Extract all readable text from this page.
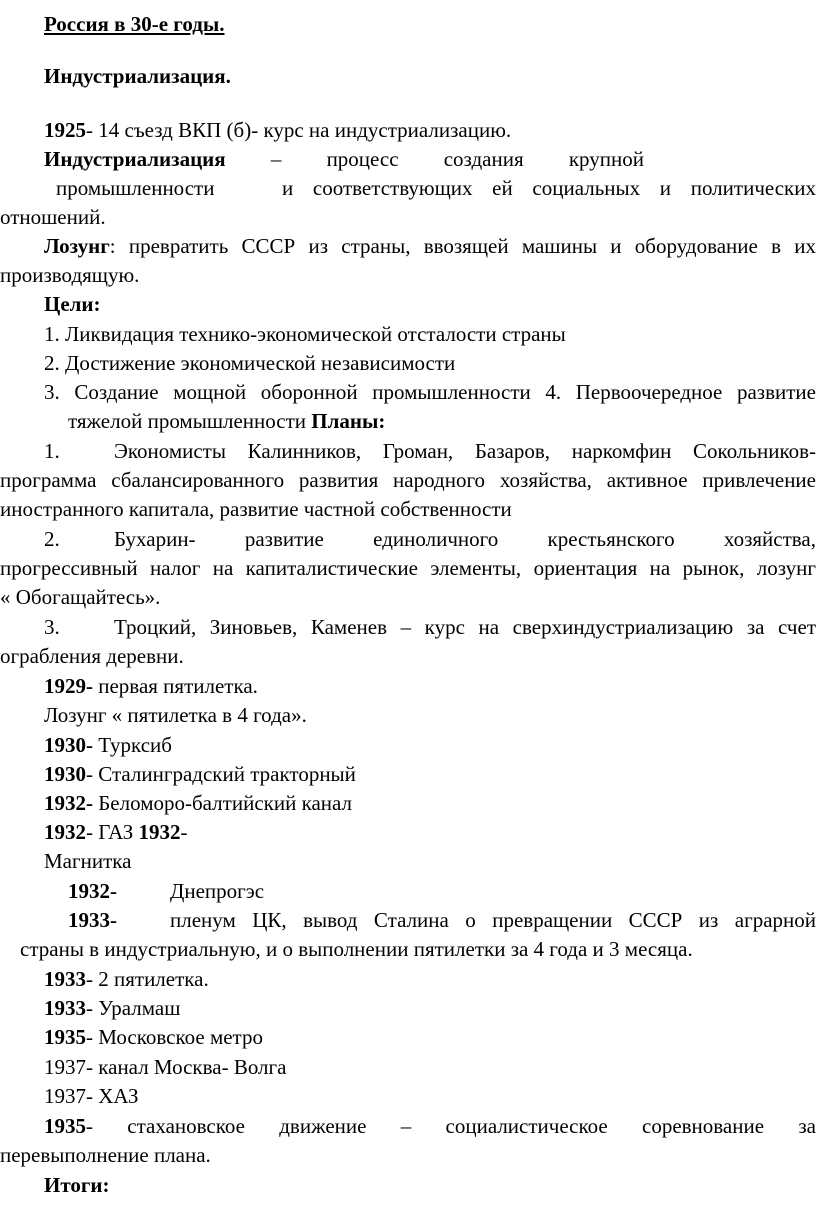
Россия в 30-е годы.
Индустриализация.
1925- 14 съезд ВКП (б)- курс на индустриализацию.
Индустриализация – процесс создания крупной
промышленности	и соответствующих ей социальных и политических
отношений.
Лозунг: превратить СССР из страны, ввозящей машины и оборудование в их
производящую.
Цели:
1. Ликвидация технико-экономической отсталости страны
2. Достижение экономической независимости
3. Создание мощной оборонной промышленности 4. Первоочередное развитие
тяжелой промышленности Планы:
1.	Экономисты Калинников, Громан, Базаров, наркомфин Сокольников-
программа сбалансированного развития народного хозяйства, активное привлечение
иностранного капитала, развитие частной собственности
2.	Бухарин- развитие единоличного крестьянского хозяйства,
прогрессивный налог на капиталистические элементы, ориентация на рынок, лозунг
« Обогащайтесь».
3.	Троцкий, Зиновьев, Каменев – курс на сверхиндустриализацию за счет
ограбления деревни.
1929- первая пятилетка.
Лозунг « пятилетка в 4 года».
1930- Турксиб
1930- Сталинградский тракторный
1932- Беломоро-балтийский канал
1932- ГАЗ 1932-
Магнитка
1932-	Днепрогэс
1933-	пленум ЦК, вывод Сталина о превращении СССР из аграрной
страны в индустриальную, и о выполнении пятилетки за 4 года и 3 месяца.
1933- 2 пятилетка.
1933- Уралмаш
1935- Московское метро
1937- канал Москва- Волга
1937- ХАЗ
1935- стахановское движение – социалистическое соревнование за
перевыполнение плана.
Итоги:
